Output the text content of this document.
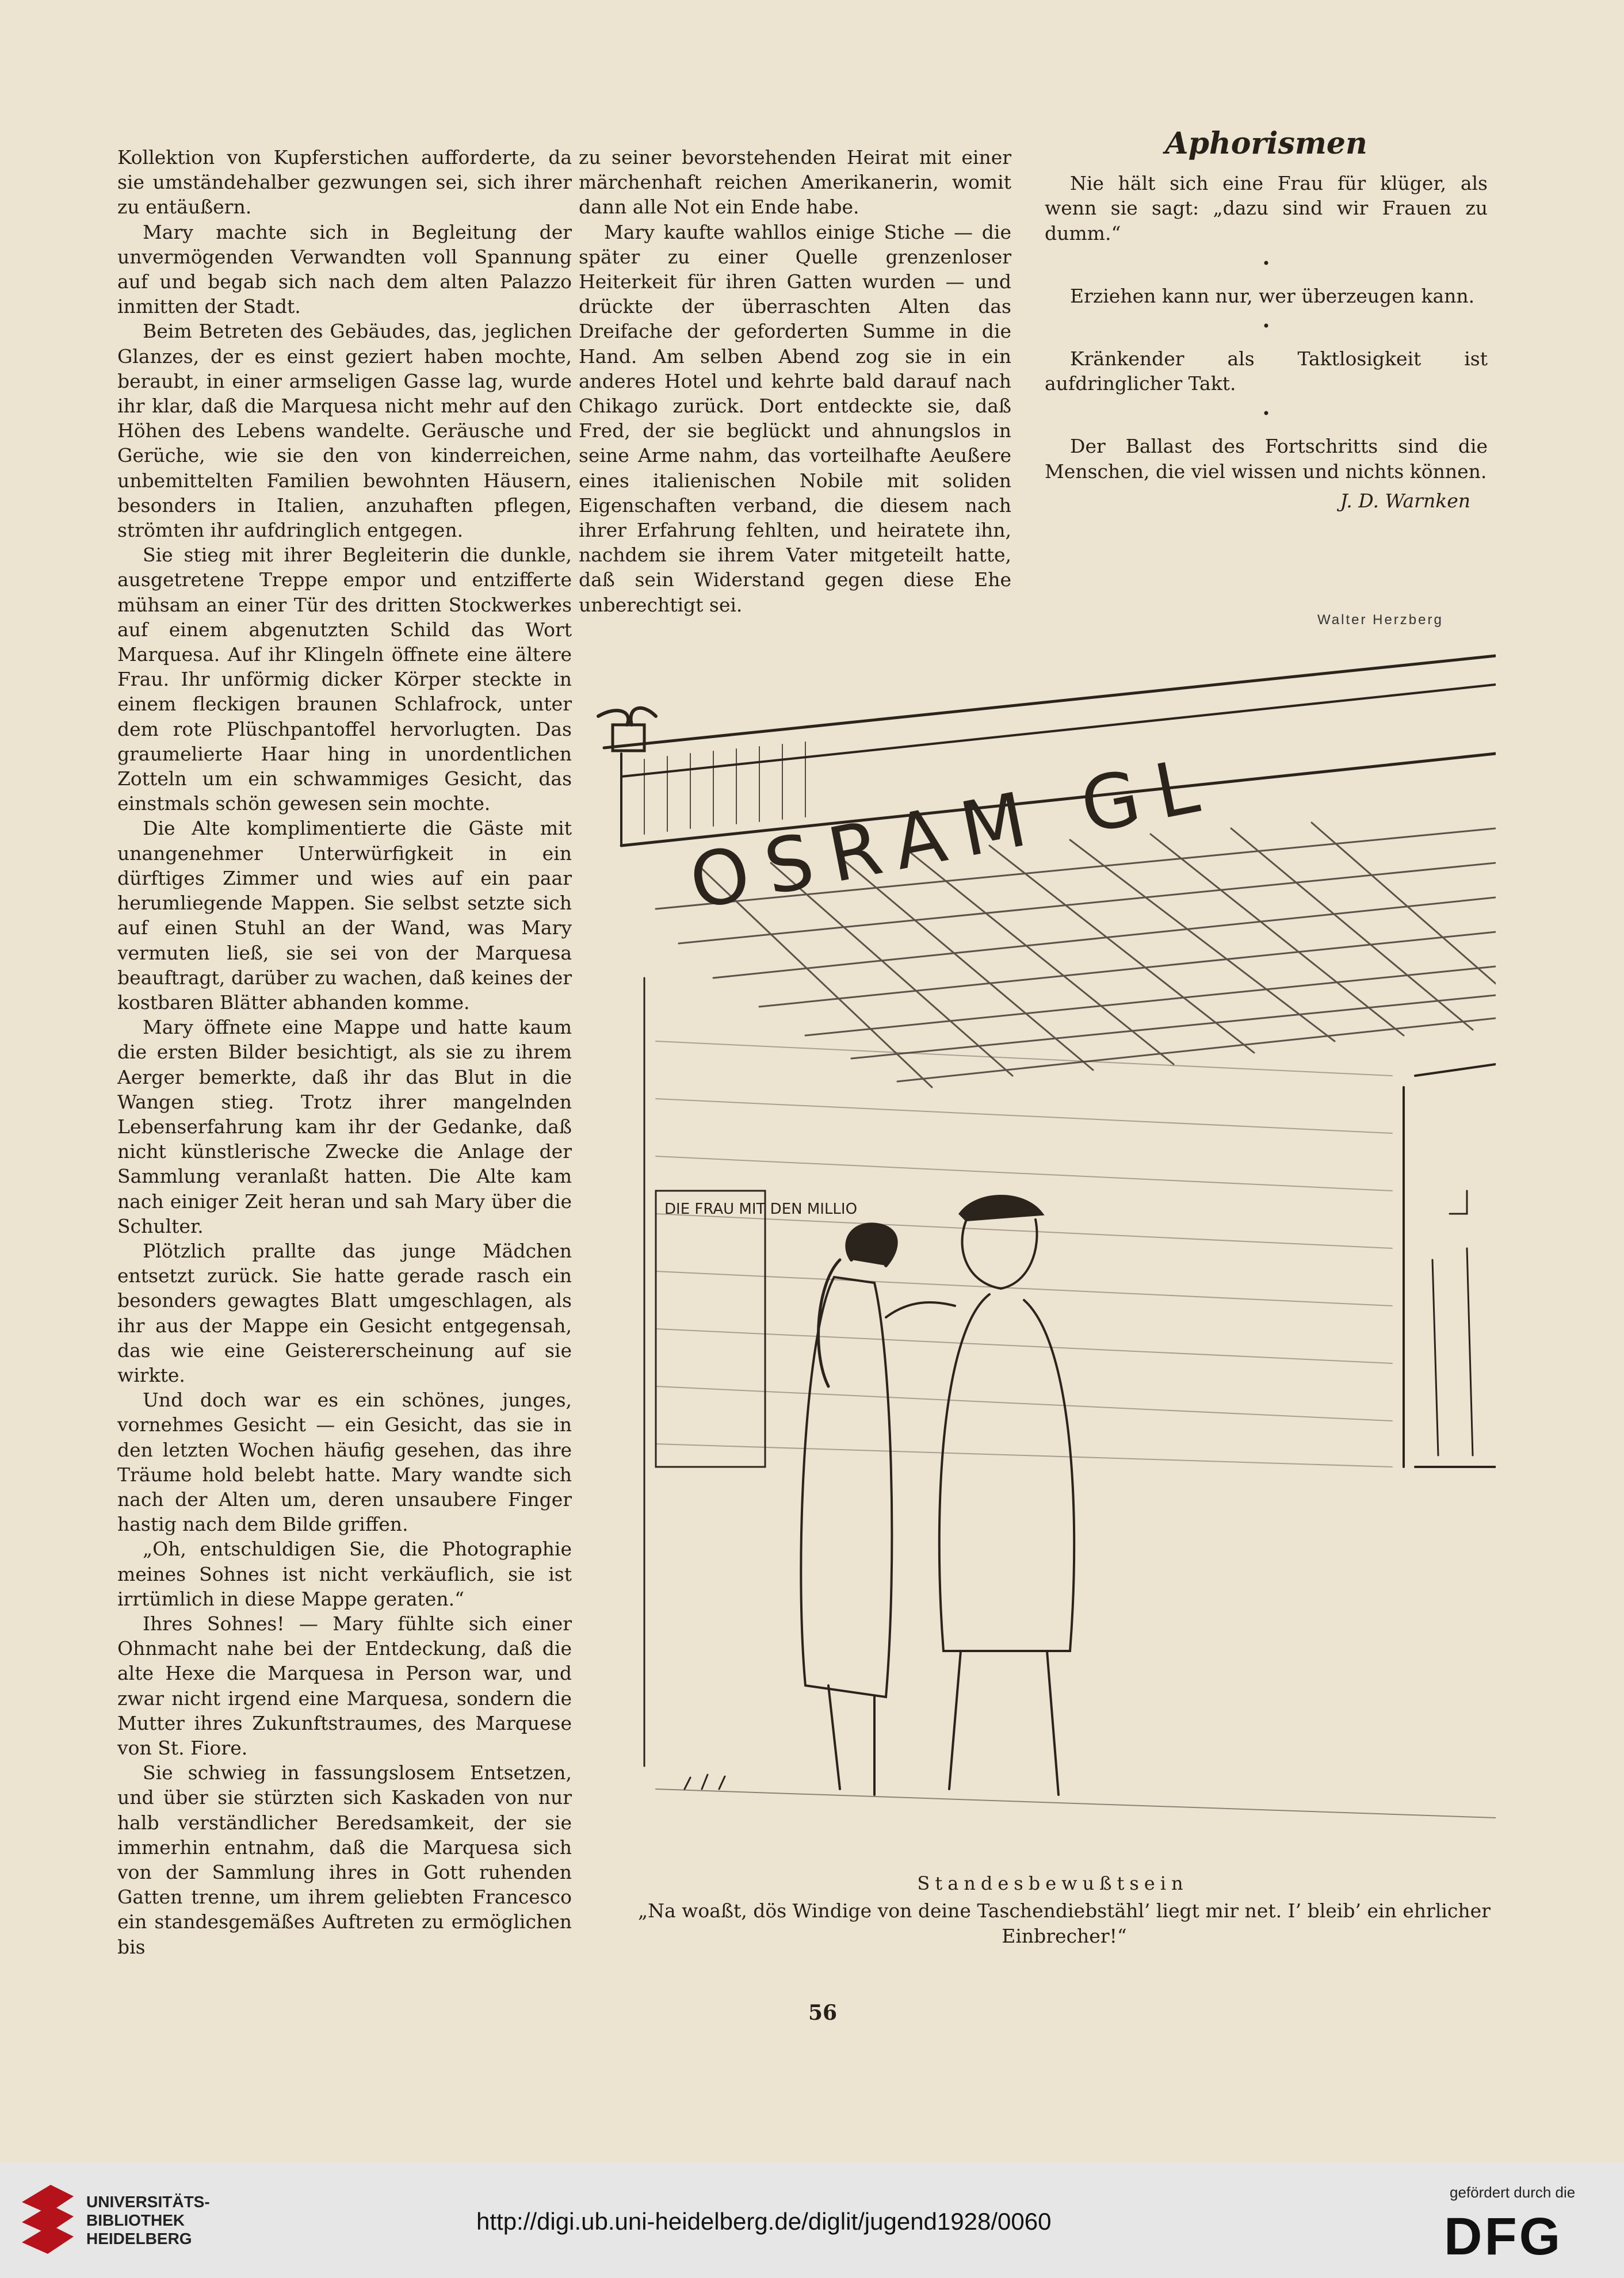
Kollektion von Kupferstichen aufforderte, da sie umständehalber gezwungen sei, sich ihrer zu entäußern.

Mary machte sich in Begleitung der unvermögenden Verwandten voll Spannung auf und begab sich nach dem alten Palazzo inmitten der Stadt.

Beim Betreten des Gebäudes, das, jeglichen Glanzes, der es einst geziert haben mochte, beraubt, in einer armseligen Gasse lag, wurde ihr klar, daß die Marquesa nicht mehr auf den Höhen des Lebens wandelte. Geräusche und Gerüche, wie sie den von kinderreichen, unbemittelten Familien bewohnten Häusern, besonders in Italien, anzuhaften pflegen, strömten ihr aufdringlich entgegen.

Sie stieg mit ihrer Begleiterin die dunkle, ausgetretene Treppe empor und entzifferte mühsam an einer Tür des dritten Stockwerkes auf einem abgenutzten Schild das Wort Marquesa. Auf ihr Klingeln öffnete eine ältere Frau. Ihr unförmig dicker Körper steckte in einem fleckigen braunen Schlafrock, unter dem rote Plüschpantoffel hervorlugten. Das graumelierte Haar hing in unordentlichen Zotteln um ein schwammiges Gesicht, das einstmals schön gewesen sein mochte.

Die Alte komplimentierte die Gäste mit unangenehmer Unterwürfigkeit in ein dürftiges Zimmer und wies auf ein paar herumliegende Mappen. Sie selbst setzte sich auf einen Stuhl an der Wand, was Mary vermuten ließ, sie sei von der Marquesa beauftragt, darüber zu wachen, daß keines der kostbaren Blätter abhanden komme.

Mary öffnete eine Mappe und hatte kaum die ersten Bilder besichtigt, als sie zu ihrem Aerger bemerkte, daß ihr das Blut in die Wangen stieg. Trotz ihrer mangelnden Lebenserfahrung kam ihr der Gedanke, daß nicht künstlerische Zwecke die Anlage der Sammlung veranlaßt hatten. Die Alte kam nach einiger Zeit heran und sah Mary über die Schulter.

Plötzlich prallte das junge Mädchen entsetzt zurück. Sie hatte gerade rasch ein besonders gewagtes Blatt umgeschlagen, als ihr aus der Mappe ein Gesicht entgegensah, das wie eine Geistererscheinung auf sie wirkte.

Und doch war es ein schönes, junges, vornehmes Gesicht — ein Gesicht, das sie in den letzten Wochen häufig gesehen, das ihre Träume hold belebt hatte. Mary wandte sich nach der Alten um, deren unsaubere Finger hastig nach dem Bilde griffen.

„Oh, entschuldigen Sie, die Photographie meines Sohnes ist nicht verkäuflich, sie ist irrtümlich in diese Mappe geraten.“

Ihres Sohnes! — Mary fühlte sich einer Ohnmacht nahe bei der Entdeckung, daß die alte Hexe die Marquesa in Person war, und zwar nicht irgend eine Marquesa, sondern die Mutter ihres Zukunftstraumes, des Marquese von St. Fiore.

Sie schwieg in fassungslosem Entsetzen, und über sie stürzten sich Kaskaden von nur halb verständlicher Beredsamkeit, der sie immerhin entnahm, daß die Marquesa sich von der Sammlung ihres in Gott ruhenden Gatten trenne, um ihrem geliebten Francesco ein standesgemäßes Auftreten zu ermöglichen bis

zu seiner bevorstehenden Heirat mit einer märchenhaft reichen Amerikanerin, womit dann alle Not ein Ende habe.

Mary kaufte wahllos einige Stiche — die später zu einer Quelle grenzenloser Heiterkeit für ihren Gatten wurden — und drückte der überraschten Alten das Dreifache der geforderten Summe in die Hand. Am selben Abend zog sie in ein anderes Hotel und kehrte bald darauf nach Chikago zurück. Dort entdeckte sie, daß Fred, der sie beglückt und ahnungslos in seine Arme nahm, das vorteilhafte Aeußere eines italienischen Nobile mit soliden Eigenschaften verband, die diesem nach ihrer Erfahrung fehlten, und heiratete ihn, nachdem sie ihrem Vater mitgeteilt hatte, daß sein Widerstand gegen diese Ehe unberechtigt sei.

Aphorismen

Nie hält sich eine Frau für klüger, als wenn sie sagt: „dazu sind wir Frauen zu dumm.“

•

Erziehen kann nur, wer überzeugen kann.

•

Kränkender als Taktlosigkeit ist aufdringlicher Takt.

•

Der Ballast des Fortschritts sind die Menschen, die viel wissen und nichts können.

J. D. Warnken
Walter Herzberg
OSRAM GL
DIE FRAU MIT DEN MILLIO
Standesbewußtsein
„Na woaßt, dös Windige von deine Taschendiebstähl’ liegt mir net. I’ bleib’ ein ehrlicher Einbrecher!“
56
UNIVERSITÄTS-
BIBLIOTHEK
HEIDELBERG
http://digi.ub.uni-heidelberg.de/diglit/jugend1928/0060
gefördert durch die
DFG
